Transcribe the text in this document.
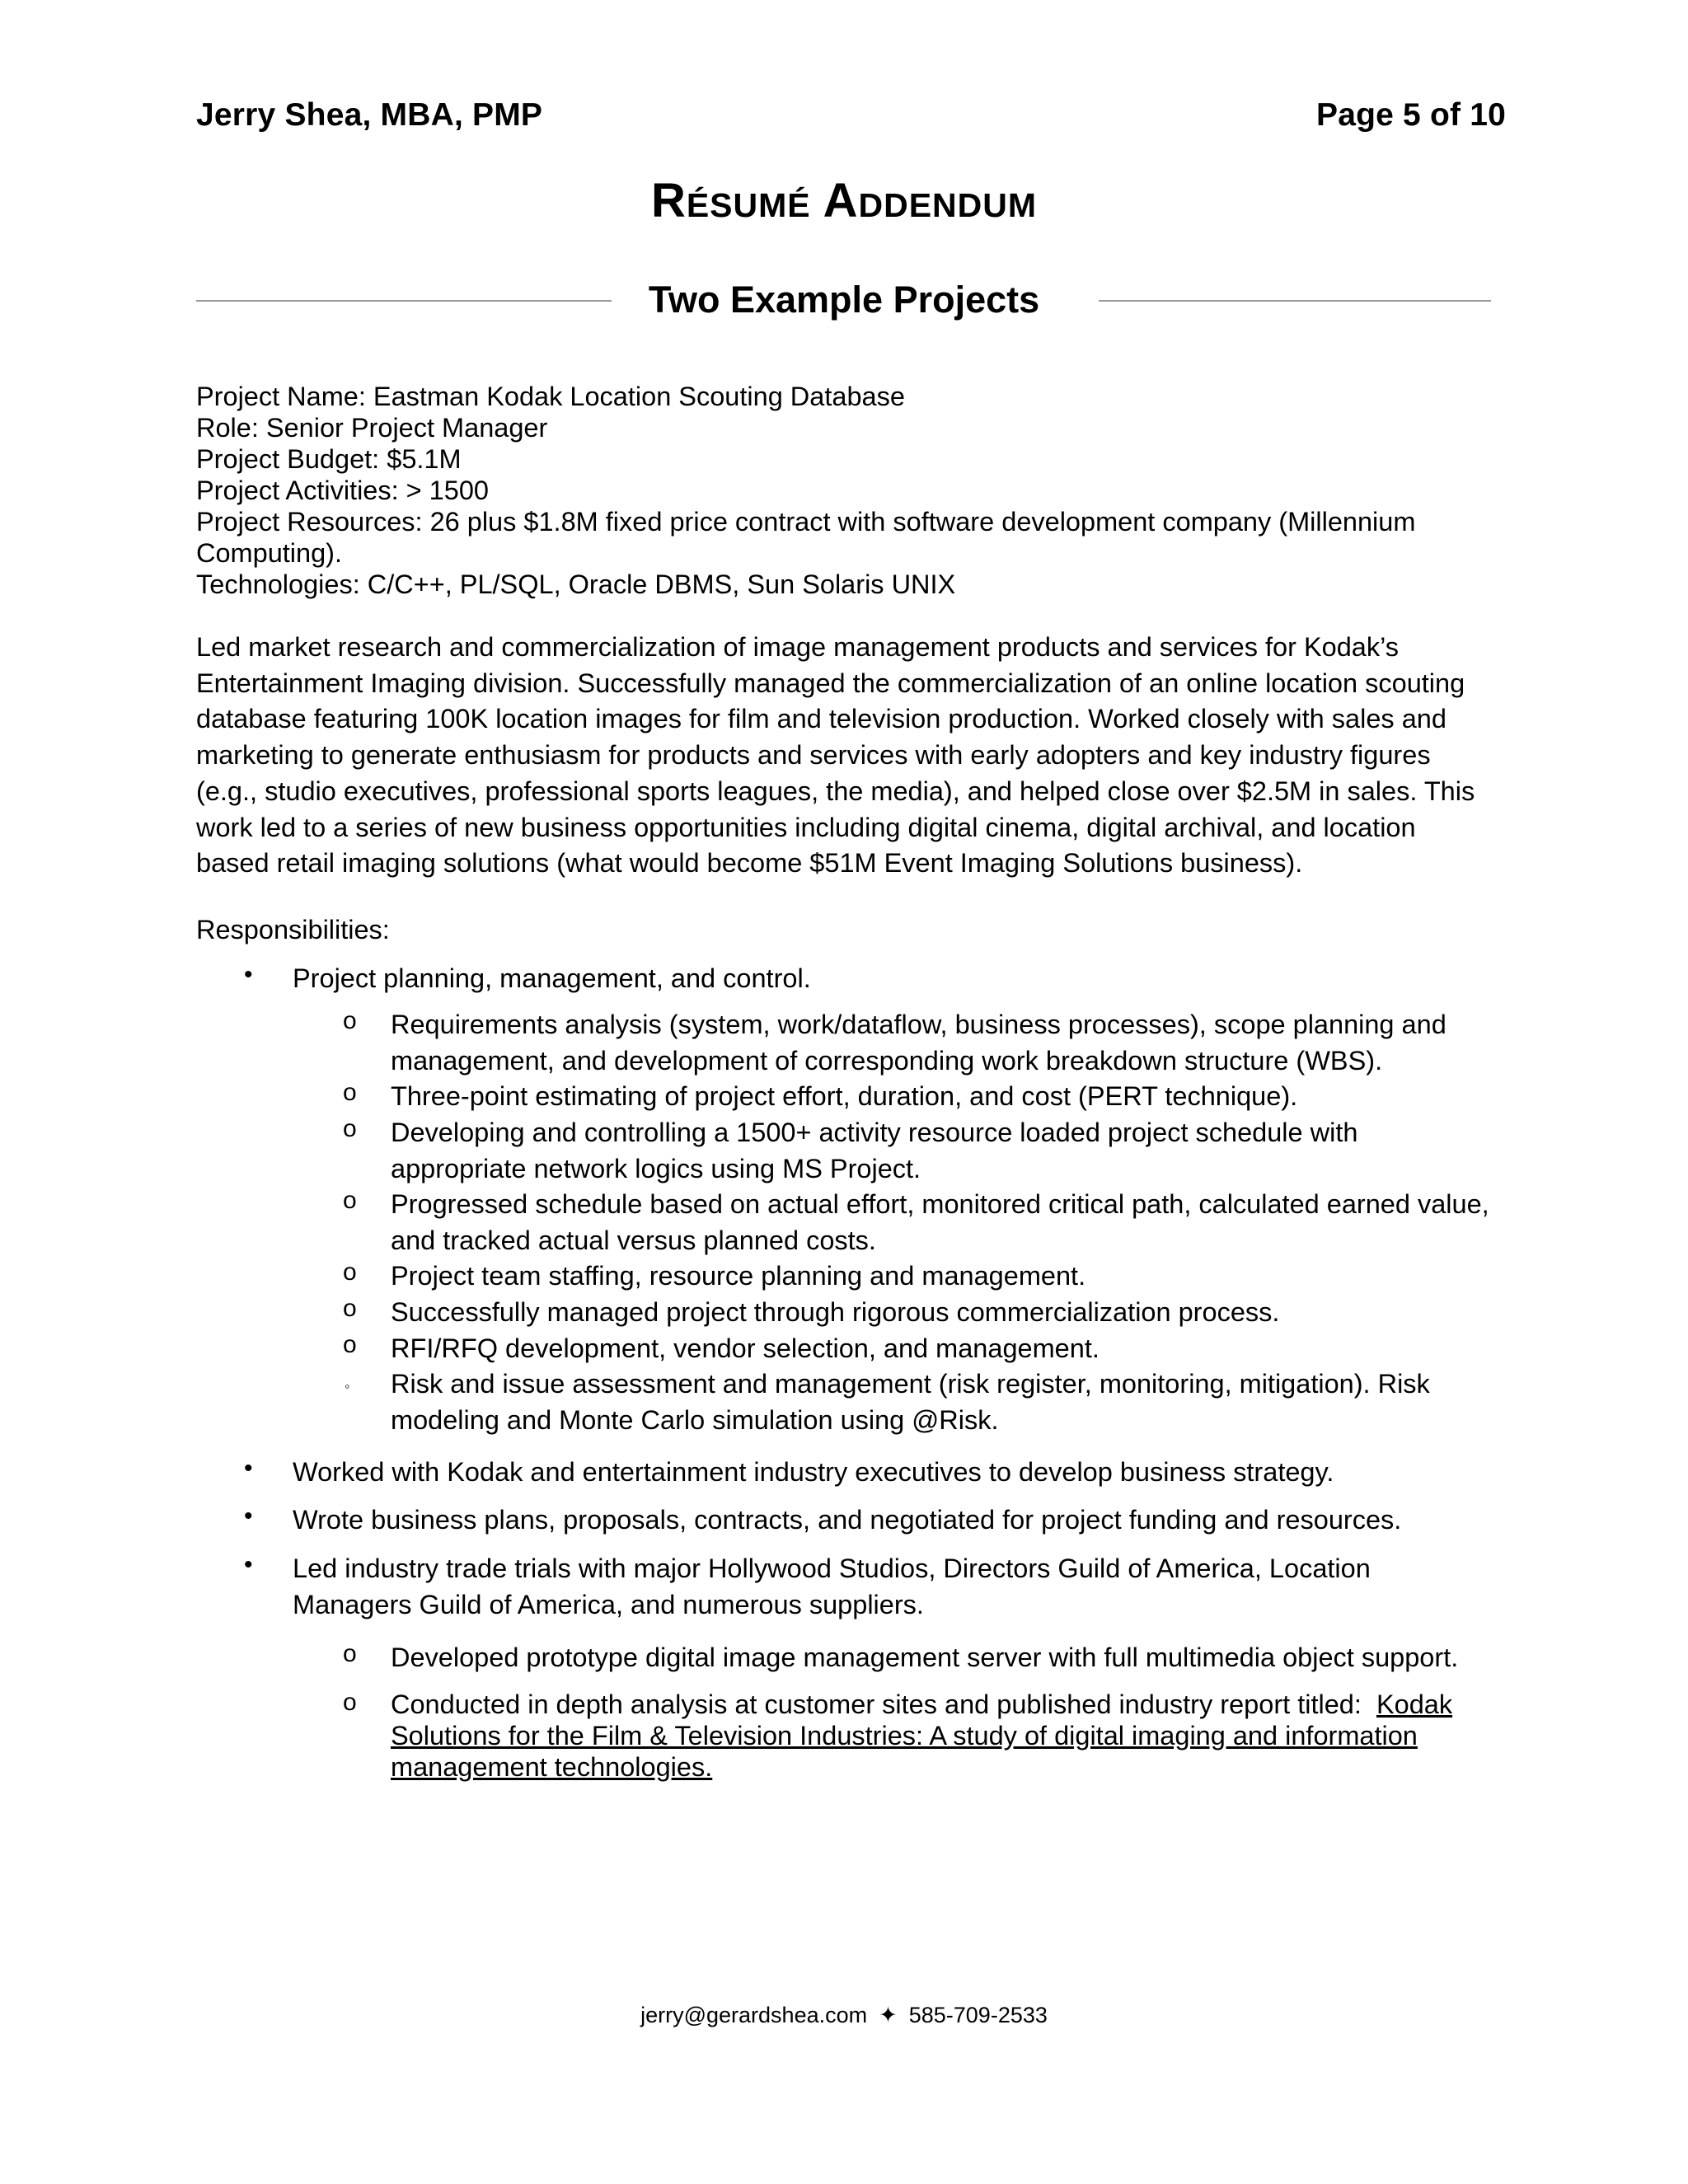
Jerry Shea, MBA, PMP	Page 5 of 10
Résumé Addendum
Two Example Projects
Project Name: Eastman Kodak Location Scouting Database
Role: Senior Project Manager
Project Budget: $5.1M
Project Activities: > 1500
Project Resources: 26 plus $1.8M fixed price contract with software development company (Millennium
Computing).
Technologies: C/C++, PL/SQL, Oracle DBMS, Sun Solaris UNIX
Led market research and commercialization of image management products and services for Kodak’s
Entertainment Imaging division. Successfully managed the commercialization of an online location scouting
database featuring 100K location images for film and television production. Worked closely with sales and
marketing to generate enthusiasm for products and services with early adopters and key industry figures
(e.g., studio executives, professional sports leagues, the media), and helped close over $2.5M in sales. This
work led to a series of new business opportunities including digital cinema, digital archival, and location
based retail imaging solutions (what would become $51M Event Imaging Solutions business).
Responsibilities:
• Project planning, management, and control.
o Requirements analysis (system, work/dataflow, business processes), scope planning and
management, and development of corresponding work breakdown structure (WBS).
o Three-point estimating of project effort, duration, and cost (PERT technique).
o Developing and controlling a 1500+ activity resource loaded project schedule with
appropriate network logics using MS Project.
o Progressed schedule based on actual effort, monitored critical path, calculated earned value,
and tracked actual versus planned costs.
o Project team staffing, resource planning and management.
o Successfully managed project through rigorous commercialization process.
o RFI/RFQ development, vendor selection, and management.
◦ Risk and issue assessment and management (risk register, monitoring, mitigation). Risk
modeling and Monte Carlo simulation using @Risk.
• Worked with Kodak and entertainment industry executives to develop business strategy.
• Wrote business plans, proposals, contracts, and negotiated for project funding and resources.
• Led industry trade trials with major Hollywood Studios, Directors Guild of America, Location
Managers Guild of America, and numerous suppliers.
o Developed prototype digital image management server with full multimedia object support.
o Conducted in depth analysis at customer sites and published industry report titled:  Kodak
Solutions for the Film & Television Industries: A study of digital imaging and information
management technologies.
jerry@gerardshea.com ✦ 585-709-2533
